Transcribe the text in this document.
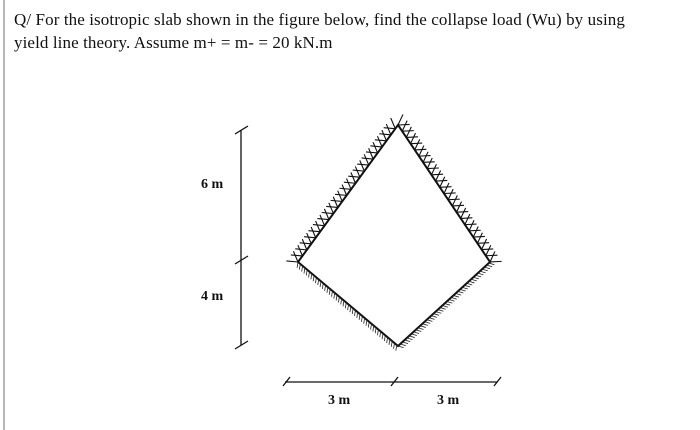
Q/ For the isotropic slab shown in the figure below, find the collapse load (Wu) by using
yield line theory. Assume m+ = m- = 20 kN.m
6 m
4 m
3 m	3 m
